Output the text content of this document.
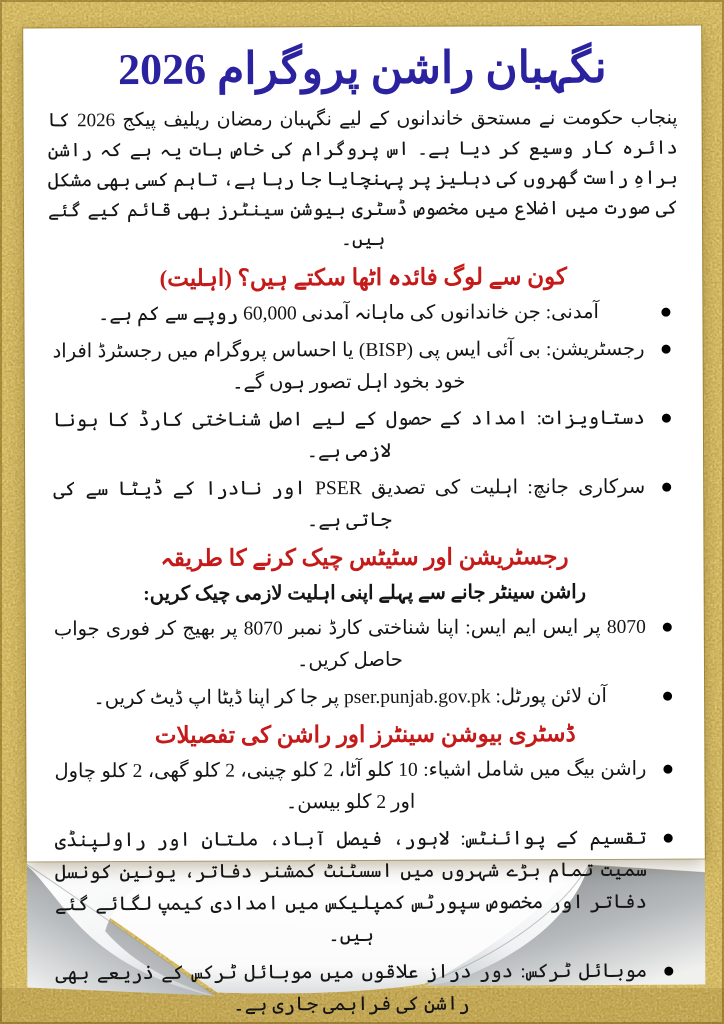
نگہبان راشن پروگرام 2026

پنجاب حکومت نے مستحق خاندانوں کے لیے نگہبان رمضان ریلیف پیکج 2026 کا دائرہ کار وسیع کر دیا ہے۔ اس پروگرام کی خاص بات یہ ہے کہ راشن براہِ راست گھروں کی دہلیز پر پہنچایا جا رہا ہے، تاہم کسی بھی مشکل کی صورت میں اضلاع میں مخصوص ڈسٹری بیوشن سینٹرز بھی قائم کیے گئے ہیں۔

کون سے لوگ فائدہ اٹھا سکتے ہیں؟ (اہلیت)
آمدنی: جن خاندانوں کی ماہانہ آمدنی 60,000 روپے سے کم ہے۔
رجسٹریشن: بی آئی ایس پی (BISP) یا احساس پروگرام میں رجسٹرڈ افراد خود بخود اہل تصور ہوں گے۔
دستاویزات: امداد کے حصول کے لیے اصل شناختی کارڈ کا ہونا لازمی ہے۔
سرکاری جانچ: اہلیت کی تصدیق PSER اور نادرا کے ڈیٹا سے کی جاتی ہے۔
رجسٹریشن اور سٹیٹس چیک کرنے کا طریقہ

راشن سینٹر جانے سے پہلے اپنی اہلیت لازمی چیک کریں:

8070 پر ایس ایم ایس: اپنا شناختی کارڈ نمبر 8070 پر بھیج کر فوری جواب حاصل کریں۔
آن لائن پورٹل: pser.punjab.gov.pk پر جا کر اپنا ڈیٹا اپ ڈیٹ کریں۔
ڈسٹری بیوشن سینٹرز اور راشن کی تفصیلات
راشن بیگ میں شامل اشیاء: 10 کلو آٹا، 2 کلو چینی، 2 کلو گھی، 2 کلو چاول اور 2 کلو بیسن۔
تقسیم کے پوائنٹس: لاہور، فیصل آباد، ملتان اور راولپنڈی سمیت تمام بڑے شہروں میں اسسٹنٹ کمشنر دفاتر، یونین کونسل دفاتر اور مخصوص سپورٹس کمپلیکس میں امدادی کیمپ لگائے گئے ہیں۔
موبائل ٹرکس: دور دراز علاقوں میں موبائل ٹرکس کے ذریعے بھی راشن کی فراہمی جاری ہے۔
